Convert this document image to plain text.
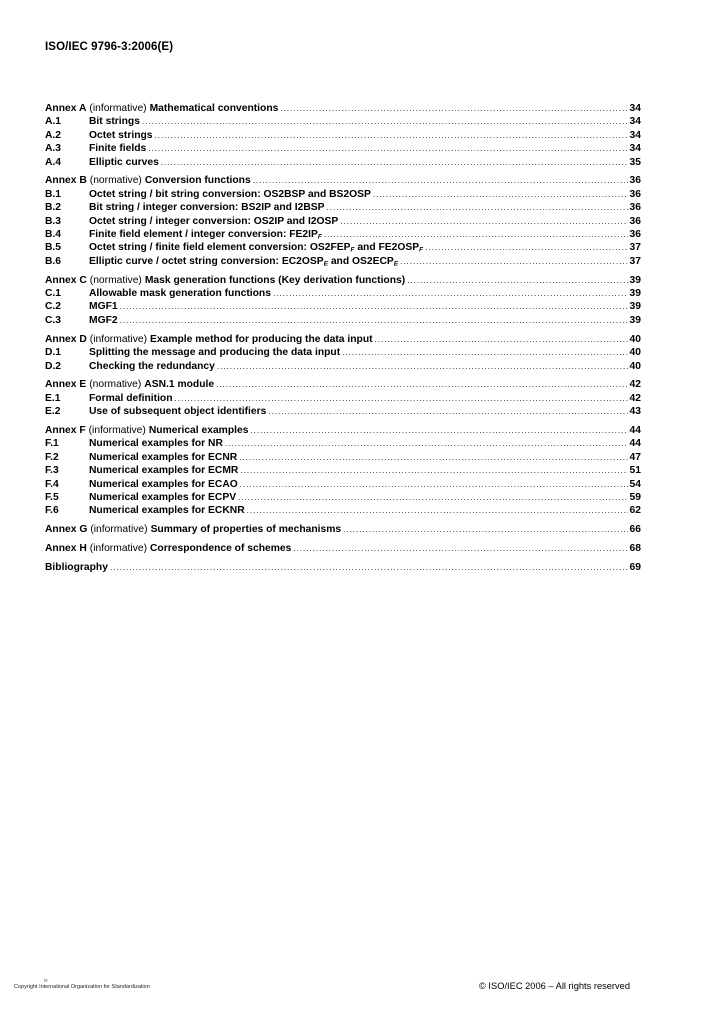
ISO/IEC 9796-3:2006(E)
Annex A (informative) Mathematical conventions .....	34
A.1	Bit strings .....	34
A.2	Octet strings .....	34
A.3	Finite fields .....	34
A.4	Elliptic curves .....	35
Annex B (normative) Conversion functions .....	36
B.1	Octet string / bit string conversion: OS2BSP and BS2OSP .....	36
B.2	Bit string / integer conversion: BS2IP and I2BSP .....	36
B.3	Octet string / integer conversion: OS2IP and I2OSP .....	36
B.4	Finite field element / integer conversion: $FE2IP_F$ .....	36
B.5	Octet string / finite field element conversion: $OS2FEP_F$ and $FE2OSP_F$ .....	37
B.6	Elliptic curve / octet string conversion: $EC2OSP_E$ and $OS2ECP_E$ .....	37
Annex C (normative) Mask generation functions (Key derivation functions) .....	39
C.1	Allowable mask generation functions .....	39
C.2	MGF1 .....	39
C.3	MGF2 .....	39
Annex D (informative) Example method for producing the data input .....	40
D.1	Splitting the message and producing the data input .....	40
D.2	Checking the redundancy .....	40
Annex E (normative) ASN.1 module .....	42
E.1	Formal definition .....	42
E.2	Use of subsequent object identifiers .....	43
Annex F (informative) Numerical examples .....	44
F.1	Numerical examples for NR .....	44
F.2	Numerical examples for ECNR .....	47
F.3	Numerical examples for ECMR .....	51
F.4	Numerical examples for ECAO .....	54
F.5	Numerical examples for ECPV .....	59
F.6	Numerical examples for ECKNR .....	62
Annex G (informative) Summary of properties of mechanisms .....	66
Annex H (informative) Correspondence of schemes .....	68
Bibliography .....	69
iv
Copyright International Organization for Standardization	© ISO/IEC 2006 – All rights reserved
